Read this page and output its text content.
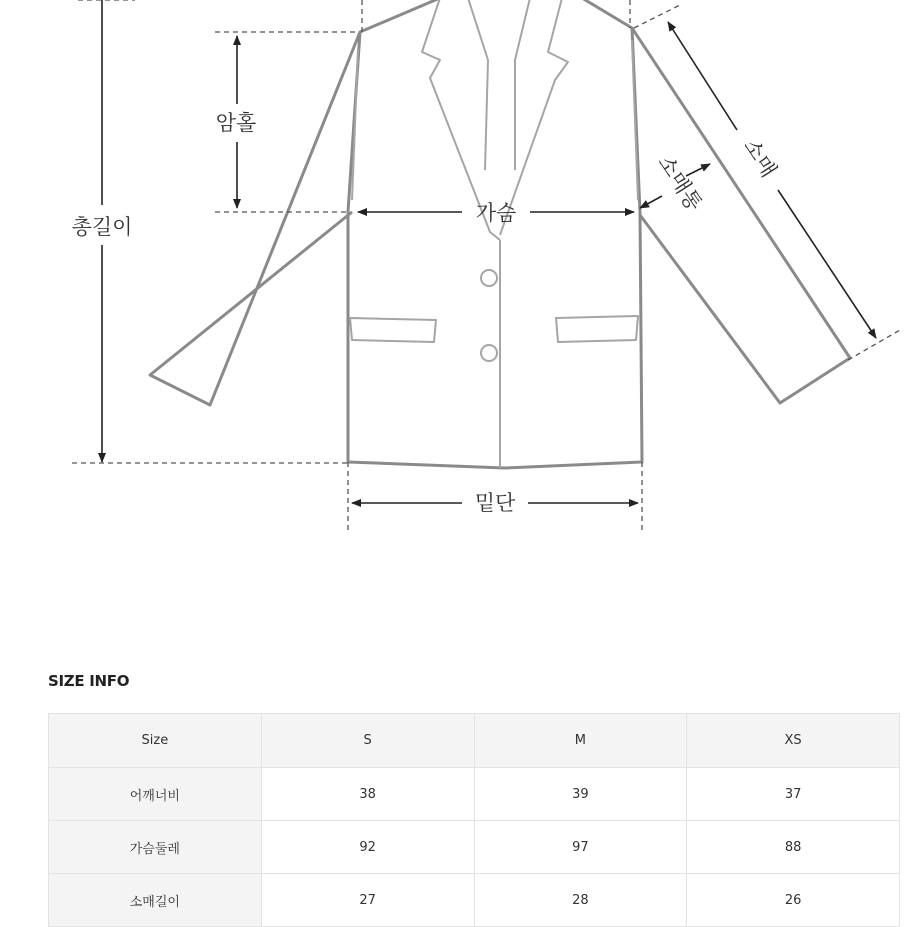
총길이
암홀
가슴
밑단
소매
소매통
SIZE INFO
Size	S	M	XS
어깨너비	38	39	37
가슴둘레	92	97	88
소매길이	27	28	26
